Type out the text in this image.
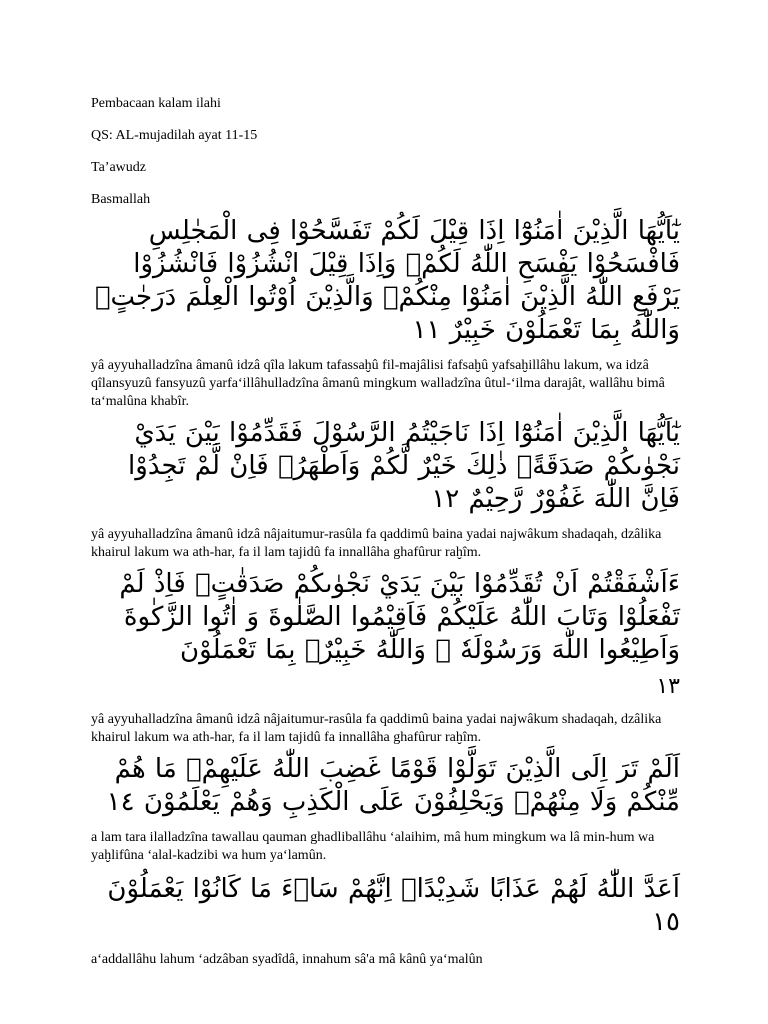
Pembacaan kalam ilahi

QS: AL-mujadilah ayat 11-15

Ta’awudz

Basmallah

يٰٓاَيُّهَا الَّذِيْنَ اٰمَنُوْٓا اِذَا قِيْلَ لَكُمْ تَفَسَّحُوْا فِى الْمَجٰلِسِ فَافْسَحُوْا يَفْسَحِ اللّٰهُ لَكُمْۚ وَاِذَا قِيْلَ انْشُزُوْا فَانْشُزُوْا يَرْفَعِ اللّٰهُ الَّذِيْنَ اٰمَنُوْا مِنْكُمْۙ وَالَّذِيْنَ اُوْتُوا الْعِلْمَ دَرَجٰتٍۗ وَاللّٰهُ بِمَا تَعْمَلُوْنَ خَبِيْرٌ ١١

yâ ayyuhalladzîna âmanû idzâ qîla lakum tafassaḫû fil-majâlisi fafsaḫû yafsaḫillâhu lakum, wa idzâ qîlansyuzû fansyuzû yarfa‘illâhulladzîna âmanû mingkum walladzîna ûtul-‘ilma darajât, wallâhu bimâ ta‘malûna khabîr.

يٰٓاَيُّهَا الَّذِيْنَ اٰمَنُوْٓا اِذَا نَاجَيْتُمُ الرَّسُوْلَ فَقَدِّمُوْا بَيْنَ يَدَيْ نَجْوٰىكُمْ صَدَقَةًۗ ذٰلِكَ خَيْرٌ لَّكُمْ وَاَطْهَرُۗ فَاِنْ لَّمْ تَجِدُوْا فَاِنَّ اللّٰهَ غَفُوْرٌ رَّحِيْمٌ ١٢

yâ ayyuhalladzîna âmanû idzâ nâjaitumur-rasûla fa qaddimû baina yadai najwâkum shadaqah, dzâlika khairul lakum wa ath-har, fa il lam tajidû fa innallâha ghafûrur raḫîm.

ءَاَشْفَقْتُمْ اَنْ تُقَدِّمُوْا بَيْنَ يَدَيْ نَجْوٰىكُمْ صَدَقٰتٍۗ فَاِذْ لَمْ تَفْعَلُوْا وَتَابَ اللّٰهُ عَلَيْكُمْ فَاَقِيْمُوا الصَّلٰوةَ وَ اٰتُوا الزَّكٰوةَ وَاَطِيْعُوا اللّٰهَ وَرَسُوْلَهٗ ۗ وَاللّٰهُ خَبِيْرٌۢ بِمَا تَعْمَلُوْنَ

١٣

yâ ayyuhalladzîna âmanû idzâ nâjaitumur-rasûla fa qaddimû baina yadai najwâkum shadaqah, dzâlika khairul lakum wa ath-har, fa il lam tajidû fa innallâha ghafûrur raḫîm.

اَلَمْ تَرَ اِلَى الَّذِيْنَ تَوَلَّوْا قَوْمًا غَضِبَ اللّٰهُ عَلَيْهِمْۗ مَا هُمْ مِّنْكُمْ وَلَا مِنْهُمْۙ وَيَحْلِفُوْنَ عَلَى الْكَذِبِ وَهُمْ يَعْلَمُوْنَ ١٤

a lam tara ilalladzîna tawallau qauman ghadliballâhu ‘alaihim, mâ hum mingkum wa lâ min-hum wa yaḫlifûna ‘alal-kadzibi wa hum ya‘lamûn.

اَعَدَّ اللّٰهُ لَهُمْ عَذَابًا شَدِيْدًاۗ اِنَّهُمْ سَاۤءَ مَا كَانُوْا يَعْمَلُوْنَ ١٥

a‘addallâhu lahum ‘adzâban syadîdâ, innahum sâ'a mâ kânû ya‘malûn
